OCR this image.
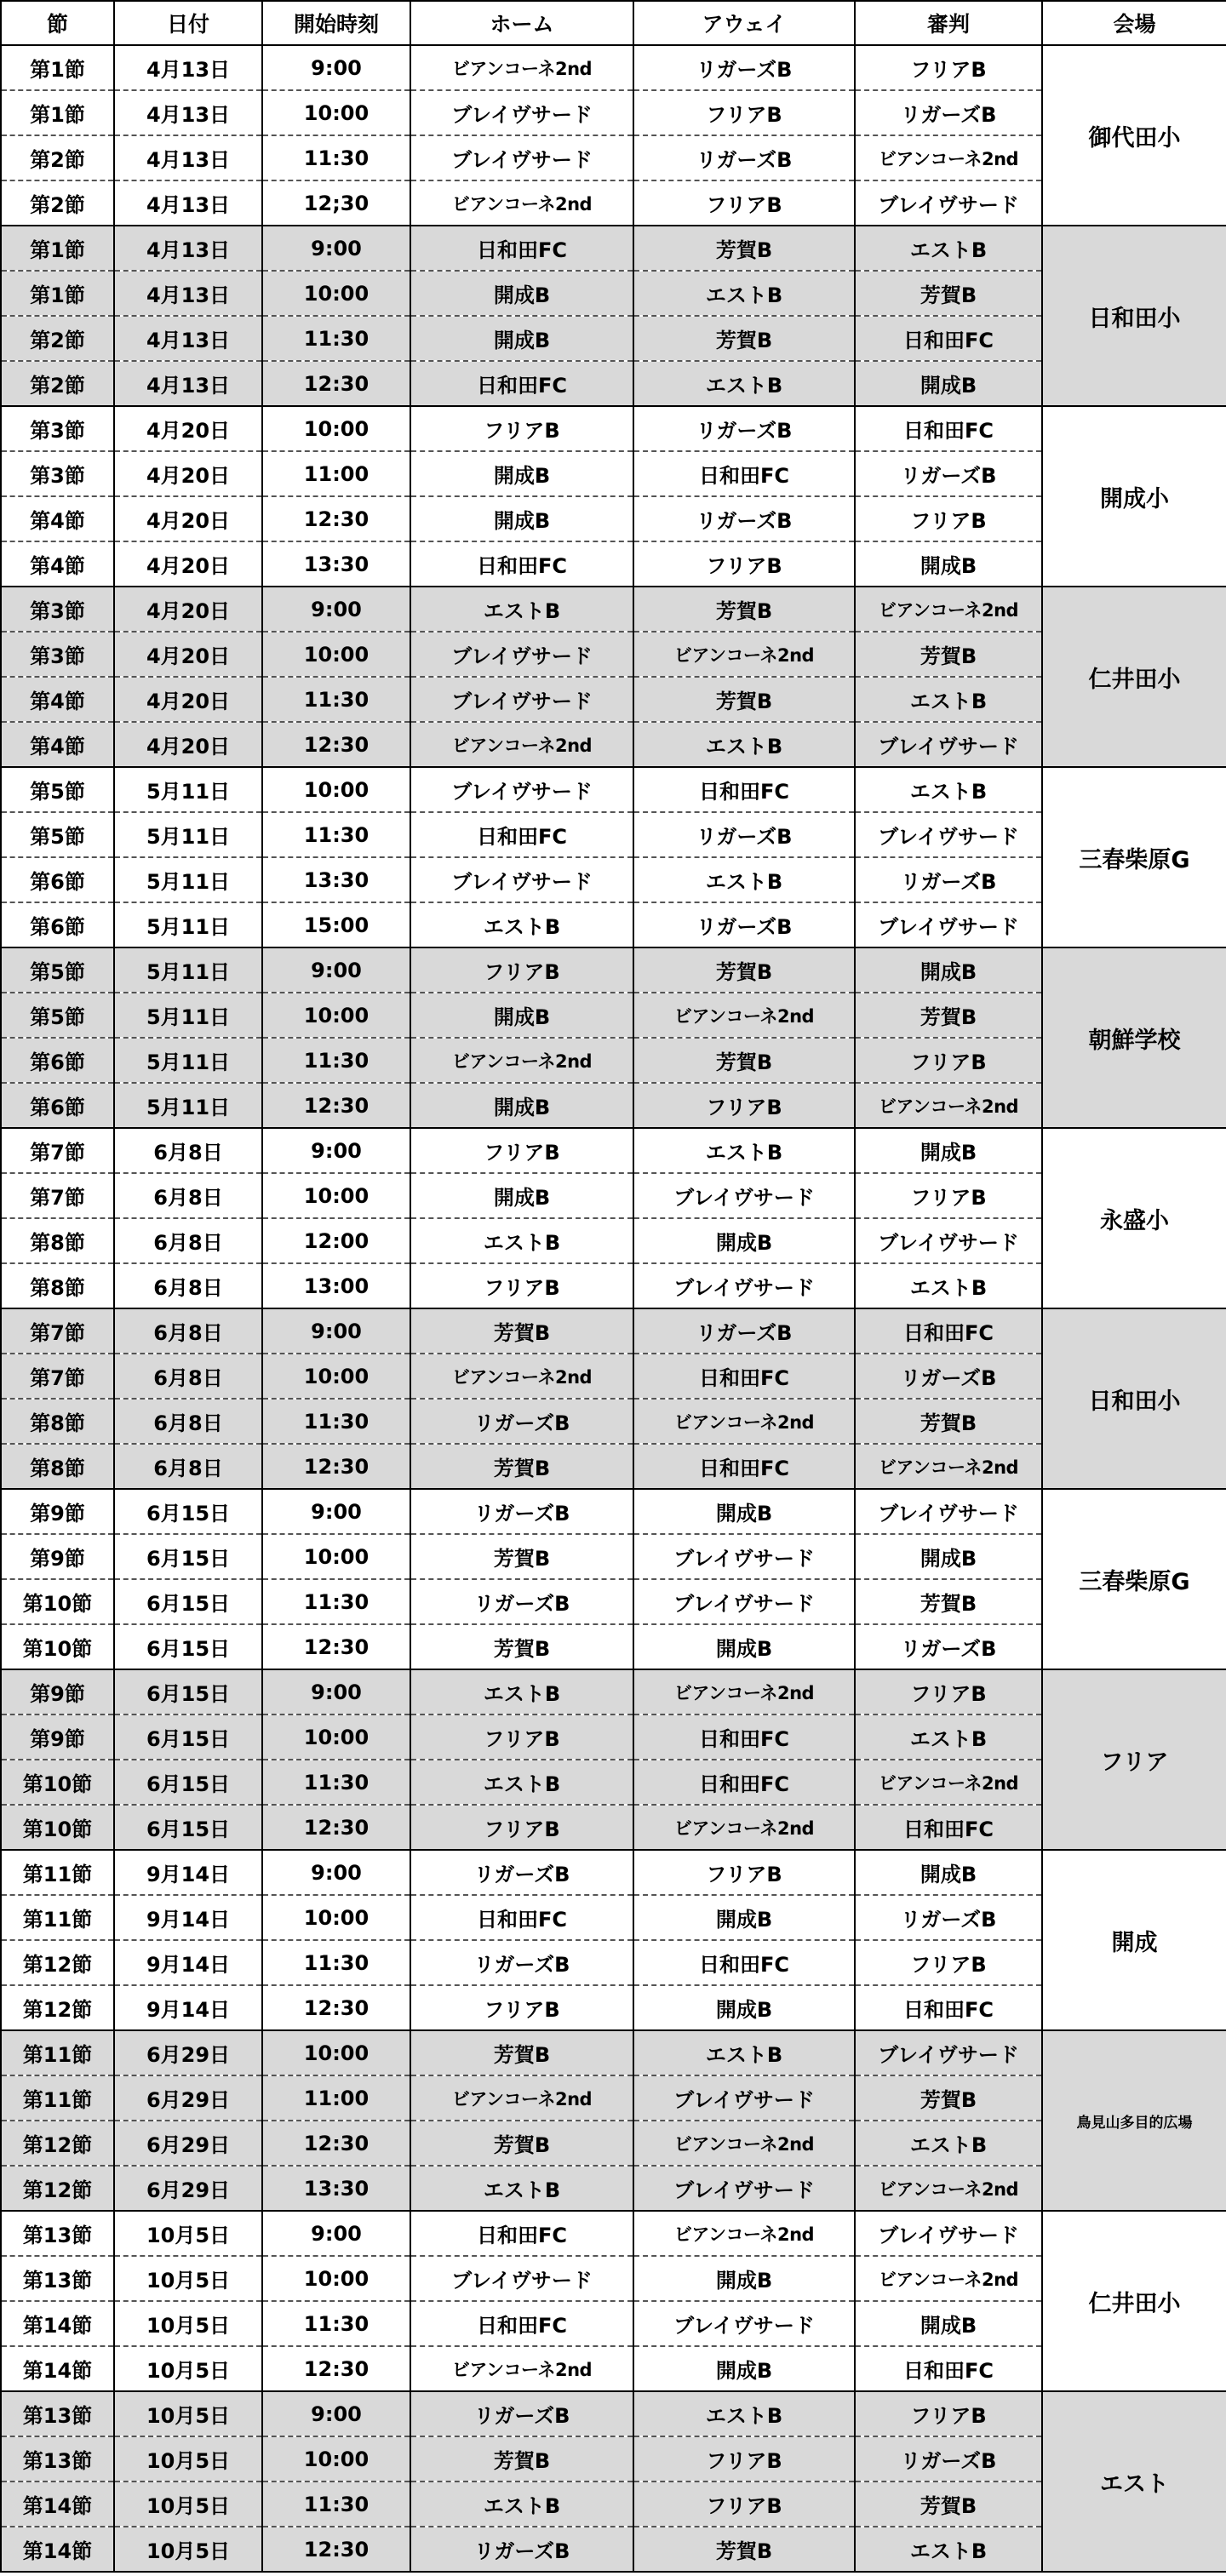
節	日付	開始時刻	ホーム	アウェイ	審判	会場
第1節	4月13日	9:00	ビアンコーネ2nd	リガーズB	フリアB	御代田小
第1節	4月13日	10:00	ブレイヴサード	フリアB	リガーズB	
第2節	4月13日	11:30	ブレイヴサード	リガーズB	ビアンコーネ2nd	
第2節	4月13日	12;30	ビアンコーネ2nd	フリアB	ブレイヴサード	
第1節	4月13日	9:00	日和田FC	芳賀B	エストB	日和田小
第1節	4月13日	10:00	開成B	エストB	芳賀B	
第2節	4月13日	11:30	開成B	芳賀B	日和田FC	
第2節	4月13日	12:30	日和田FC	エストB	開成B	
第3節	4月20日	10:00	フリアB	リガーズB	日和田FC	開成小
第3節	4月20日	11:00	開成B	日和田FC	リガーズB	
第4節	4月20日	12:30	開成B	リガーズB	フリアB	
第4節	4月20日	13:30	日和田FC	フリアB	開成B	
第3節	4月20日	9:00	エストB	芳賀B	ビアンコーネ2nd	仁井田小
第3節	4月20日	10:00	ブレイヴサード	ビアンコーネ2nd	芳賀B	
第4節	4月20日	11:30	ブレイヴサード	芳賀B	エストB	
第4節	4月20日	12:30	ビアンコーネ2nd	エストB	ブレイヴサード	
第5節	5月11日	10:00	ブレイヴサード	日和田FC	エストB	三春柴原G
第5節	5月11日	11:30	日和田FC	リガーズB	ブレイヴサード	
第6節	5月11日	13:30	ブレイヴサード	エストB	リガーズB	
第6節	5月11日	15:00	エストB	リガーズB	ブレイヴサード	
第5節	5月11日	9:00	フリアB	芳賀B	開成B	朝鮮学校
第5節	5月11日	10:00	開成B	ビアンコーネ2nd	芳賀B	
第6節	5月11日	11:30	ビアンコーネ2nd	芳賀B	フリアB	
第6節	5月11日	12:30	開成B	フリアB	ビアンコーネ2nd	
第7節	6月8日	9:00	フリアB	エストB	開成B	永盛小
第7節	6月8日	10:00	開成B	ブレイヴサード	フリアB	
第8節	6月8日	12:00	エストB	開成B	ブレイヴサード	
第8節	6月8日	13:00	フリアB	ブレイヴサード	エストB	
第7節	6月8日	9:00	芳賀B	リガーズB	日和田FC	日和田小
第7節	6月8日	10:00	ビアンコーネ2nd	日和田FC	リガーズB	
第8節	6月8日	11:30	リガーズB	ビアンコーネ2nd	芳賀B	
第8節	6月8日	12:30	芳賀B	日和田FC	ビアンコーネ2nd	
第9節	6月15日	9:00	リガーズB	開成B	ブレイヴサード	三春柴原G
第9節	6月15日	10:00	芳賀B	ブレイヴサード	開成B	
第10節	6月15日	11:30	リガーズB	ブレイヴサード	芳賀B	
第10節	6月15日	12:30	芳賀B	開成B	リガーズB	
第9節	6月15日	9:00	エストB	ビアンコーネ2nd	フリアB	フリア
第9節	6月15日	10:00	フリアB	日和田FC	エストB	
第10節	6月15日	11:30	エストB	日和田FC	ビアンコーネ2nd	
第10節	6月15日	12:30	フリアB	ビアンコーネ2nd	日和田FC	
第11節	9月14日	9:00	リガーズB	フリアB	開成B	開成
第11節	9月14日	10:00	日和田FC	開成B	リガーズB	
第12節	9月14日	11:30	リガーズB	日和田FC	フリアB	
第12節	9月14日	12:30	フリアB	開成B	日和田FC	
第11節	6月29日	10:00	芳賀B	エストB	ブレイヴサード	鳥見山多目的広場
第11節	6月29日	11:00	ビアンコーネ2nd	ブレイヴサード	芳賀B	
第12節	6月29日	12:30	芳賀B	ビアンコーネ2nd	エストB	
第12節	6月29日	13:30	エストB	ブレイヴサード	ビアンコーネ2nd	
第13節	10月5日	9:00	日和田FC	ビアンコーネ2nd	ブレイヴサード	仁井田小
第13節	10月5日	10:00	ブレイヴサード	開成B	ビアンコーネ2nd	
第14節	10月5日	11:30	日和田FC	ブレイヴサード	開成B	
第14節	10月5日	12:30	ビアンコーネ2nd	開成B	日和田FC	
第13節	10月5日	9:00	リガーズB	エストB	フリアB	エスト
第13節	10月5日	10:00	芳賀B	フリアB	リガーズB	
第14節	10月5日	11:30	エストB	フリアB	芳賀B	
第14節	10月5日	12:30	リガーズB	芳賀B	エストB	
